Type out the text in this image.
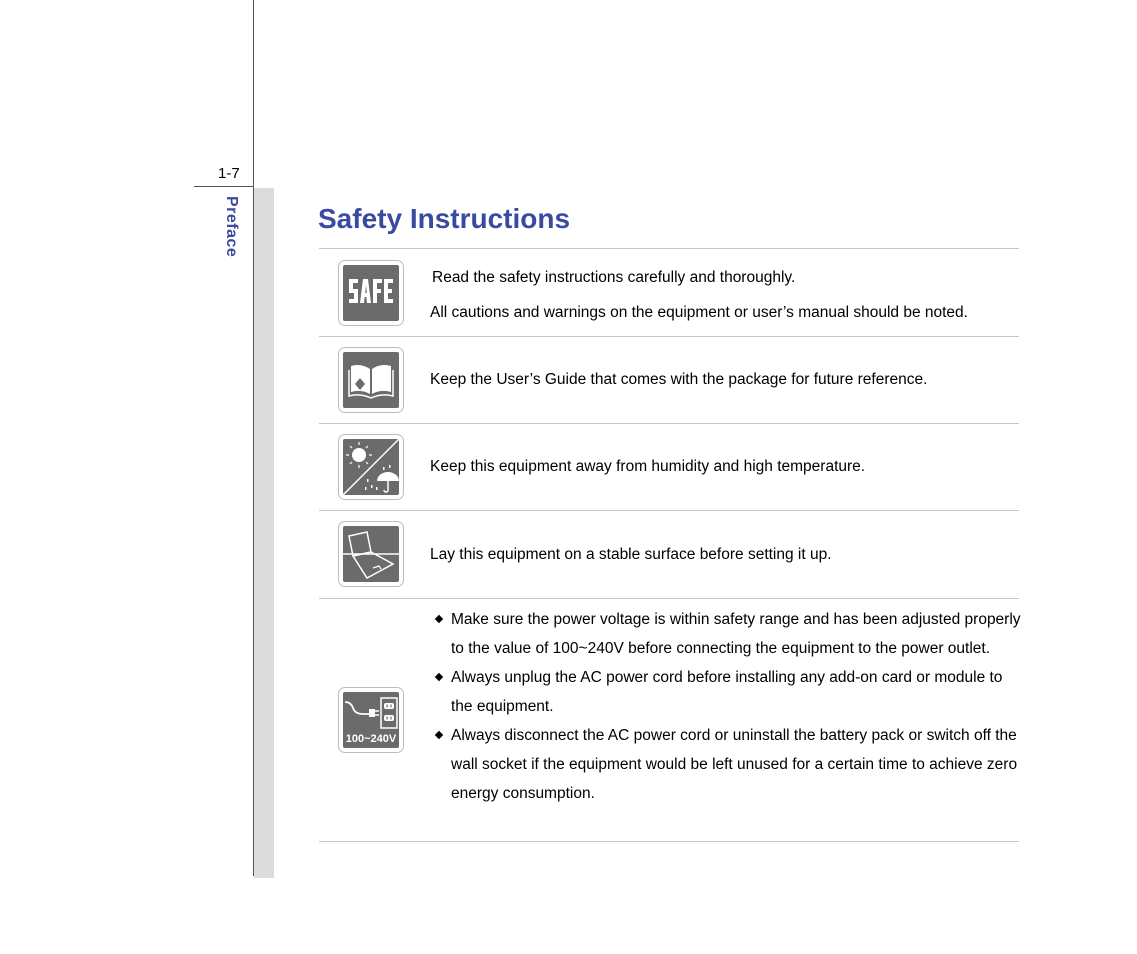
1-7
Preface	Safety Instructions
Read the safety instructions carefully and thoroughly.
All cautions and warnings on the equipment or user’s manual should be noted.
Keep the User’s Guide that comes with the package for future reference.
Keep this equipment away from humidity and high temperature.
Lay this equipment on a stable surface before setting it up.
100~240V
Make sure the power voltage is within safety range and has been adjusted properly to the value of 100~240V before connecting the equipment to the power outlet.
Always unplug the AC power cord before installing any add-on card or module to the equipment.
Always disconnect the AC power cord or uninstall the battery pack or switch off the wall socket if the equipment would be left unused for a certain time to achieve zero energy consumption.
